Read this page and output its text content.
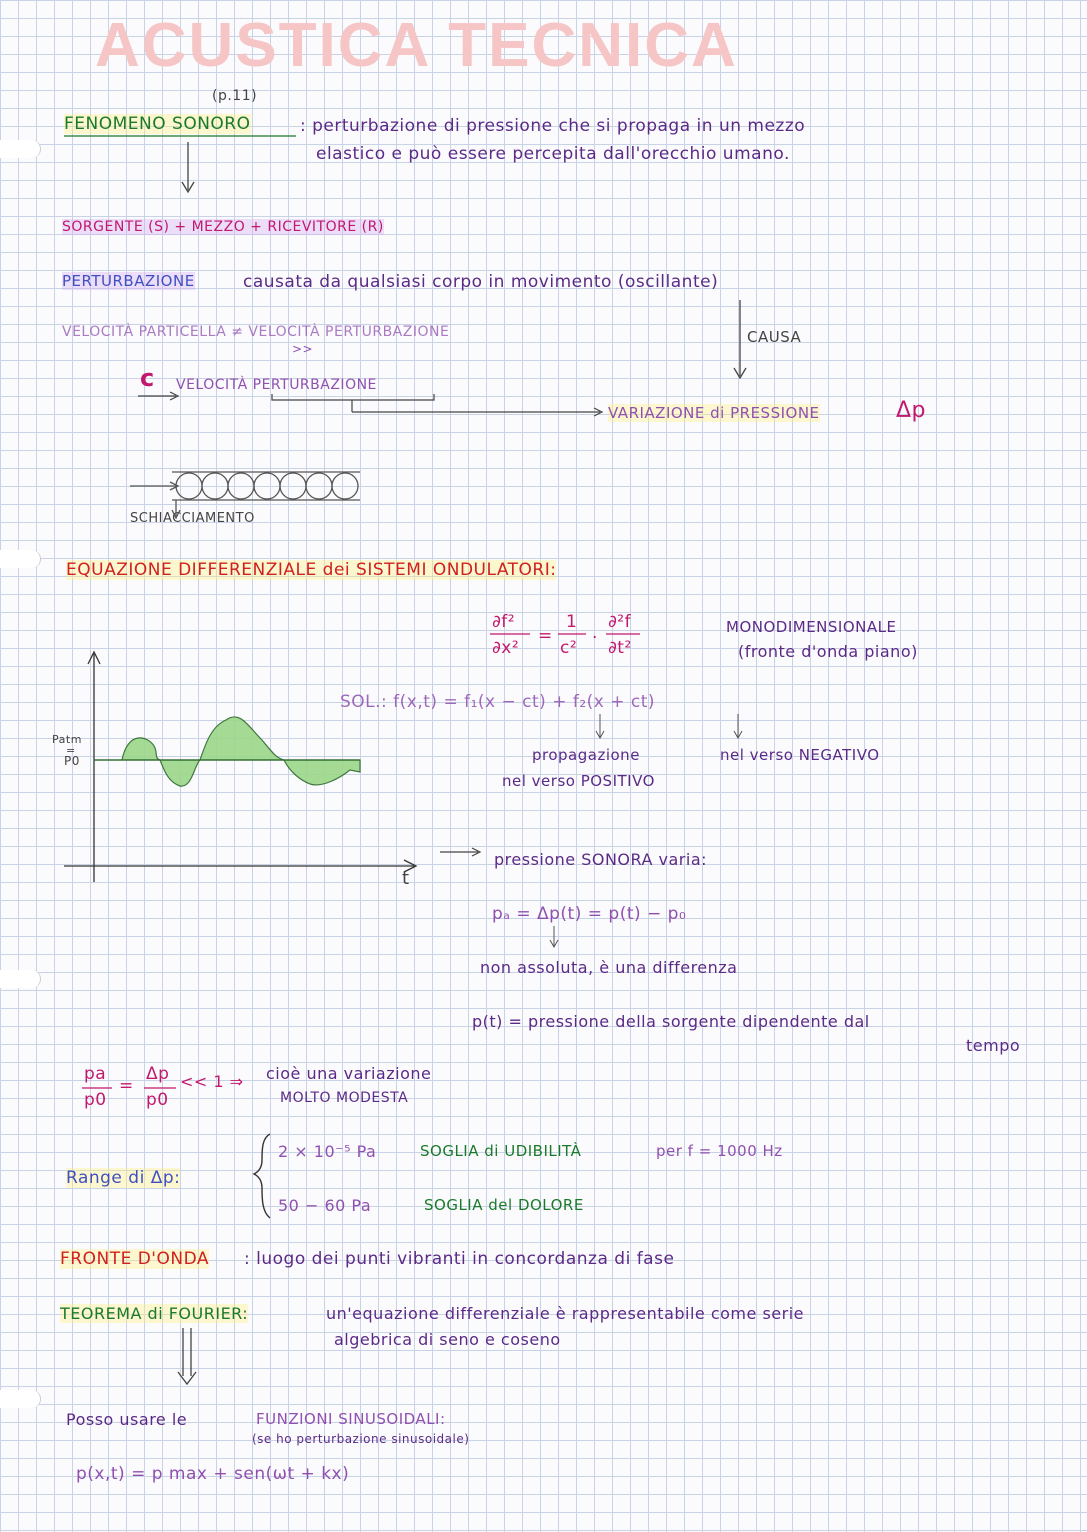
ACUSTICA TECNICA
(p.11)
FENOMENO SONORO	: perturbazione di pressione che si propaga in un mezzo
elastico e può essere percepita dall'orecchio umano.
SORGENTE (S) + MEZZO + RICEVITORE (R)
PERTURBAZIONE	causata da qualsiasi corpo in movimento (oscillante)
VELOCITÀ PARTICELLA ≠ VELOCITÀ PERTURBAZIONE
>>
c VELOCITÀ PERTURBAZIONE
CAUSA
VARIAZIONE di PRESSIONE	Δp
SCHIACCIAMENTO
EQUAZIONE DIFFERENZIALE dei SISTEMI ONDULATORI:
∂f²
∂x²
=
1
c² ·
∂²f
∂t²
MONODIMENSIONALE
(fronte d'onda piano)
SOL.: f(x,t) = f₁(x − ct) + f₂(x + ct)
propagazione
nel verso POSITIVO
nel verso NEGATIVO
Patm
=
P0
t
pressione SONORA varia:
pₐ = Δp(t) = p(t) − p₀
non assoluta, è una differenza
p(t) = pressione della sorgente dipendente dal
tempo
pa
p0
=
Δp
p0
<< 1 ⇒ cioè una variazione
MOLTO MODESTA
Range di Δp:
2 × 10⁻⁵ Pa	SOGLIA di UDIBILITÀ	per f = 1000 Hz
50 − 60 Pa	SOGLIA del DOLORE
FRONTE D'ONDA : luogo dei punti vibranti in concordanza di fase
TEOREMA di FOURIER:	un'equazione differenziale è rappresentabile come serie
algebrica di seno e coseno
Posso usare le	FUNZIONI SINUSOIDALI:
(se ho perturbazione sinusoidale)
p(x,t) = p max + sen(ωt + kx)
